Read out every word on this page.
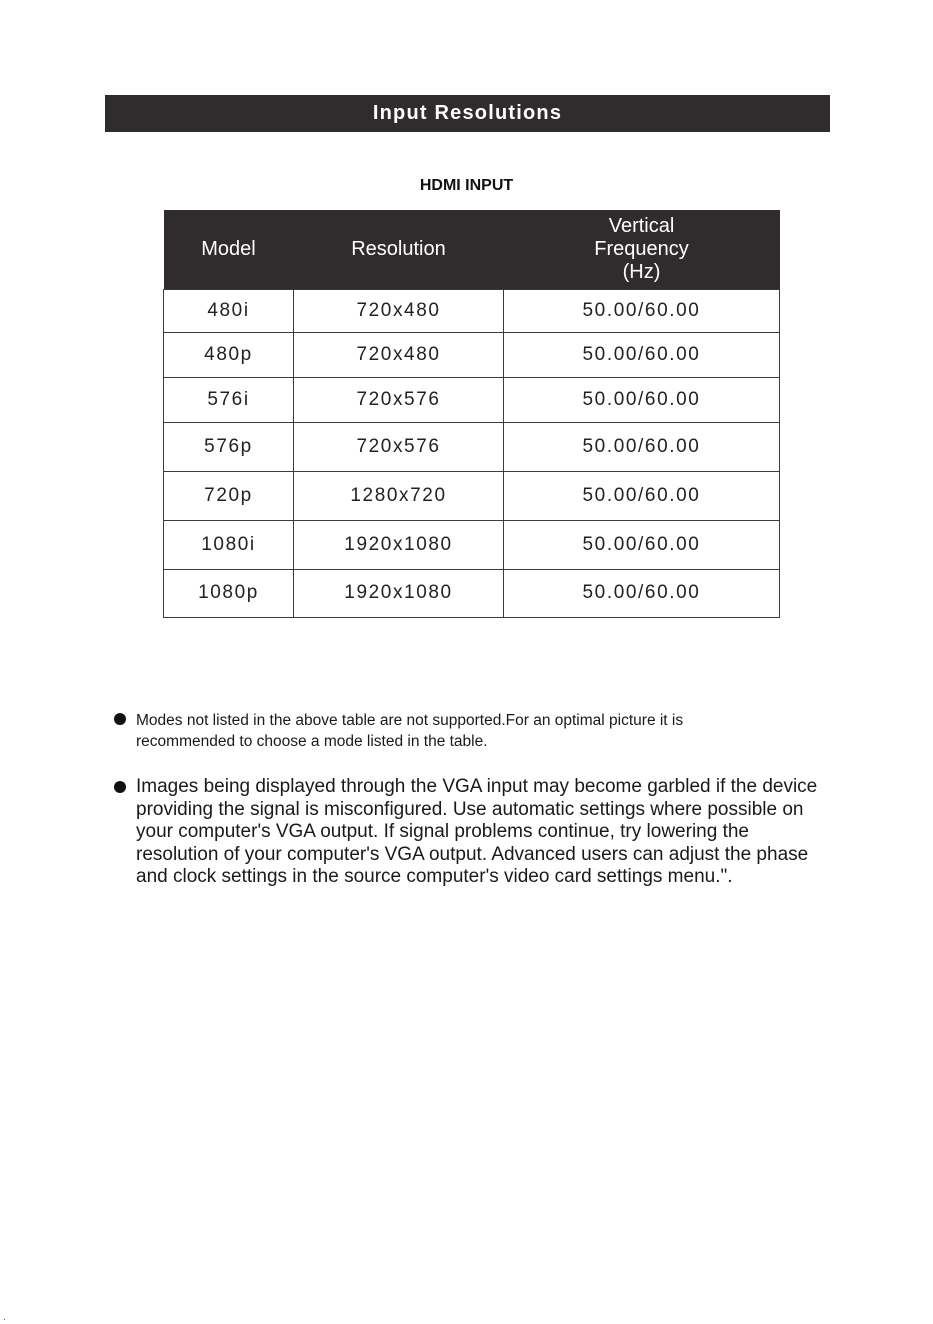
Input Resolutions
HDMI INPUT
Model	Resolution	Vertical
Frequency
(Hz)
480i	720x480	50.00/60.00
480p	720x480	50.00/60.00
576i	720x576	50.00/60.00
576p	720x576	50.00/60.00
720p	1280x720	50.00/60.00
1080i	1920x1080	50.00/60.00
1080p	1920x1080	50.00/60.00
Modes not listed in the above table are not supported.For an optimal picture it is recommended to choose a mode listed in the table.
Images being displayed through the VGA input may become garbled if the device providing the signal is misconfigured. Use automatic settings where possible on your computer's VGA output. If signal problems continue, try lowering the resolution of your computer's VGA output. Advanced users can adjust the phase and clock settings in the source computer's video card settings menu.".
.
